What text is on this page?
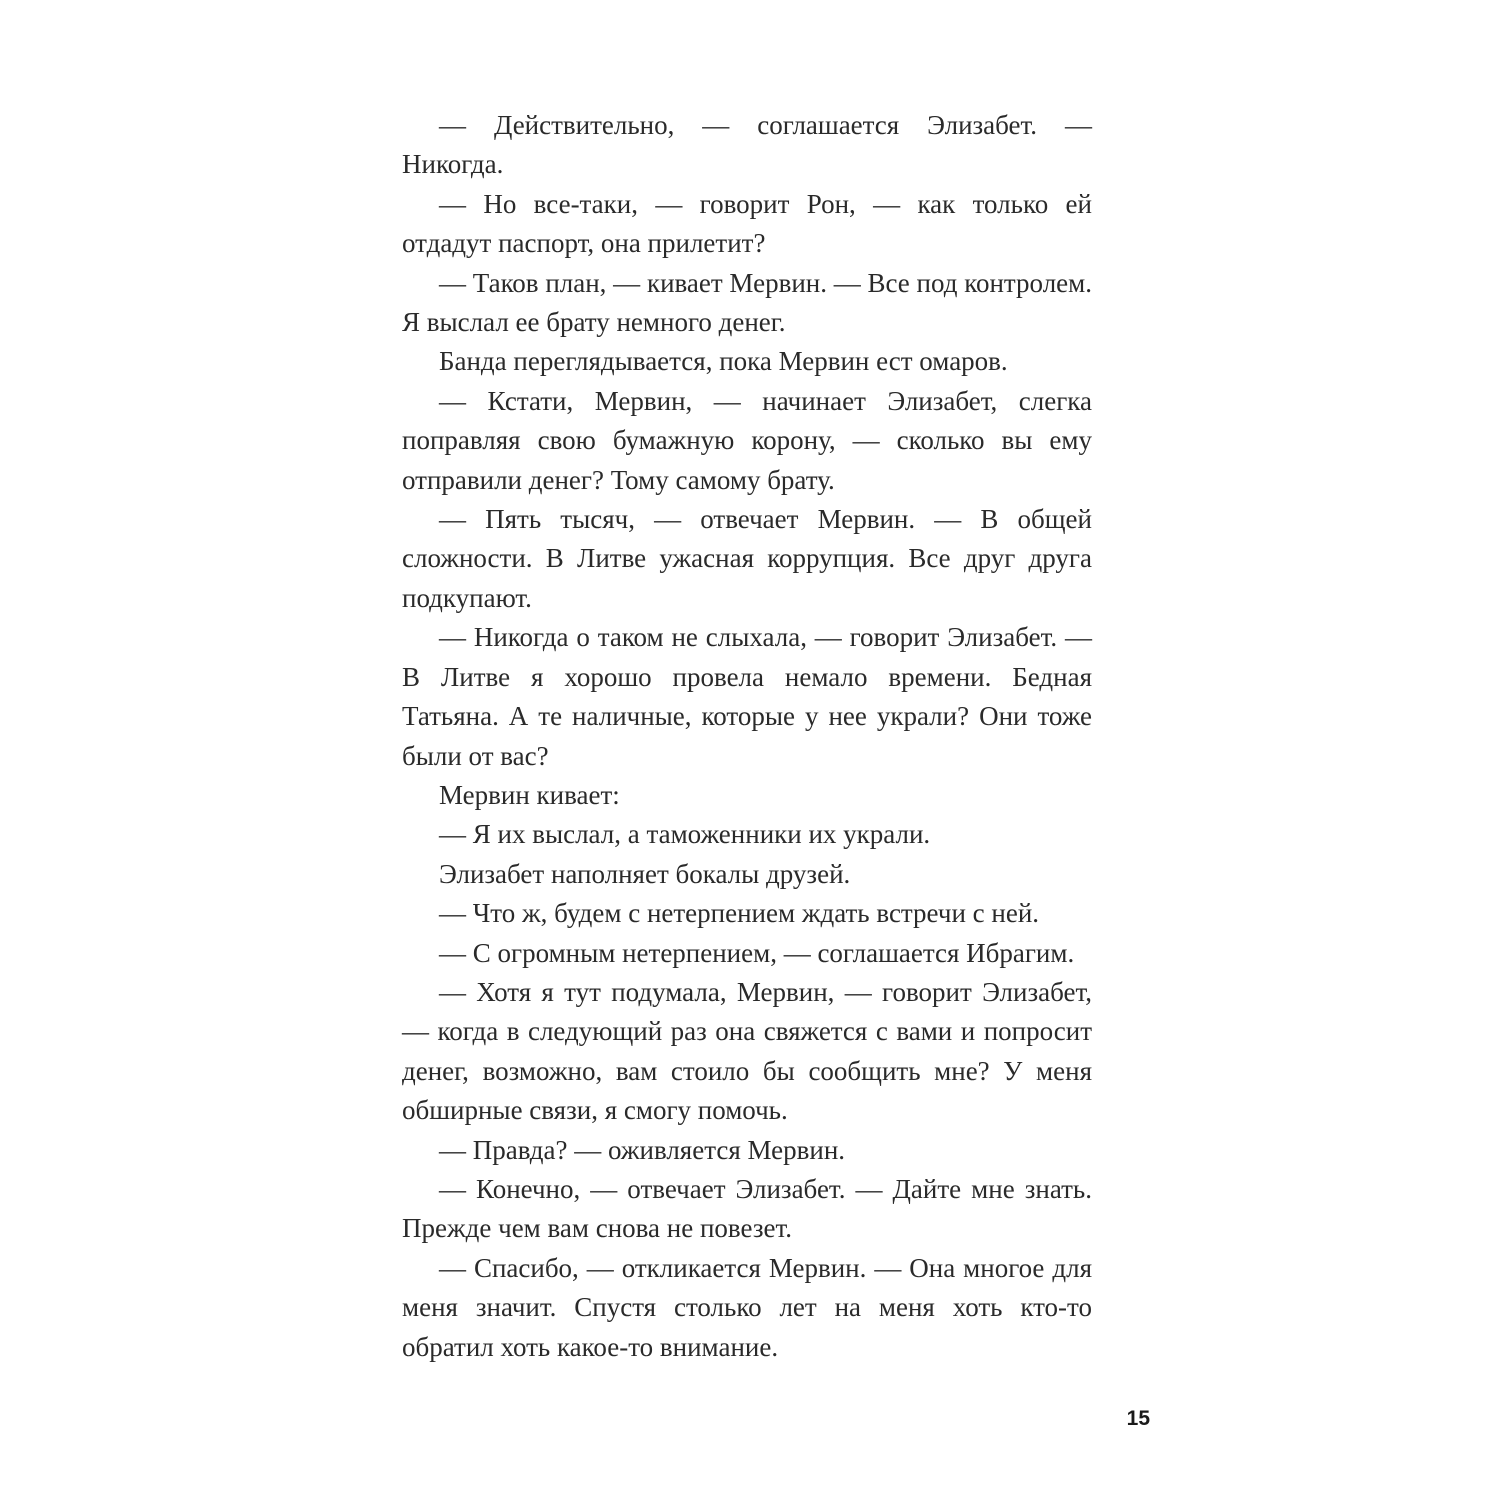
— Действительно, — соглашается Элизабет. — Никогда.

— Но все-таки, — говорит Рон, — как только ей отдадут паспорт, она прилетит?

— Таков план, — кивает Мервин. — Все под контролем. Я выслал ее брату немного денег.

Банда переглядывается, пока Мервин ест омаров.

— Кстати, Мервин, — начинает Элизабет, слегка поправляя свою бумажную корону, — сколько вы ему отправили денег? Тому самому брату.

— Пять тысяч, — отвечает Мервин. — В общей сложности. В Литве ужасная коррупция. Все друг друга подкупают.

— Никогда о таком не слыхала, — говорит Элизабет. — В Литве я хорошо провела немало времени. Бедная Татьяна. А те наличные, которые у нее украли? Они тоже были от вас?

Мервин кивает:

— Я их выслал, а таможенники их украли.

Элизабет наполняет бокалы друзей.

— Что ж, будем с нетерпением ждать встречи с ней.

— С огромным нетерпением, — соглашается Ибрагим.

— Хотя я тут подумала, Мервин, — говорит Элизабет, — когда в следующий раз она свяжется с вами и попросит денег, возможно, вам стоило бы сообщить мне? У меня обширные связи, я смогу помочь.

— Правда? — оживляется Мервин.

— Конечно, — отвечает Элизабет. — Дайте мне знать. Прежде чем вам снова не повезет.

— Спасибо, — откликается Мервин. — Она многое для меня значит. Спустя столько лет на меня хоть кто-то обратил хоть какое-то внимание.

15
